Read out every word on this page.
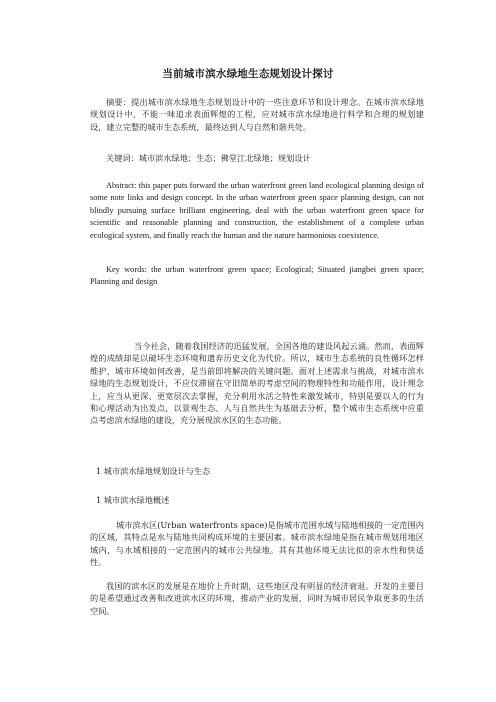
当前城市滨水绿地生态规划设计探讨
摘要：提出城市滨水绿地生态规划设计中的一些注意环节和设计理念。在城市滨水绿地规划设计中，不能一味追求表面辉煌的工程，应对城市滨水绿地进行科学和合理的规划建设，建立完整的城市生态系统，最终达到人与自然和谐共处。
关键词：城市滨水绿地；生态；佛堂江北绿地；规划设计
Abstract: this paper puts forward the urban waterfront green land ecological planning design of some note links and design concept. In the urban waterfront green space planning design, can not blindly pursuing surface brilliant engineering, deal with the urban waterfront green space for scientific and reasonable planning and construction, the establishment of a complete urban ecological system, and finally reach the human and the nature harmonious coexistence.
Key words: the urban waterfront green space; Ecological; Situated jiangbei green space; Planning and design
当今社会，随着我国经济的迅猛发展，全国各地的建设风起云涌。然而，表面辉煌的成绩却是以破坏生态环境和遗弃历史文化为代价。所以，城市生态系统的良性循环怎样维护，城市环境如何改善，是当前即将解决的关键问题。面对上述需求与挑战，对城市滨水绿地的生态规划设计，不应仅滞留在守旧简单的考虑空间的物理特性和功能作用，设计理念上，应当从更深、更宽层次去掌握，充分利用水活之特性来激发城市，特别是要以人的行为和心理活动为出发点，以景观生态、人与自然共生为基础去分析，整个城市生态系统中应重点考虑滨水绿地的建设，充分展现滨水区的生态功能。
1 城市滨水绿地规划设计与生态
1 城市滨水绿地概述
城市滨水区(Urban waterfronts space)是指城市范围水域与陆地相接的一定范围内的区域，其特点是水与陆地共同构成环境的主要因素。城市滨水绿地是指在城市规划用地区域内，与水域相接的一定范围内的城市公共绿地。其有其他环境无法比拟的亲水性和快适性。
我国的滨水区的发展是在地价上升时期，这些地区没有明显的经济衰退。开发的主要目的是希望通过改善和改进滨水区的环境，推动产业的发展，同时为城市居民争取更多的生活空间。
